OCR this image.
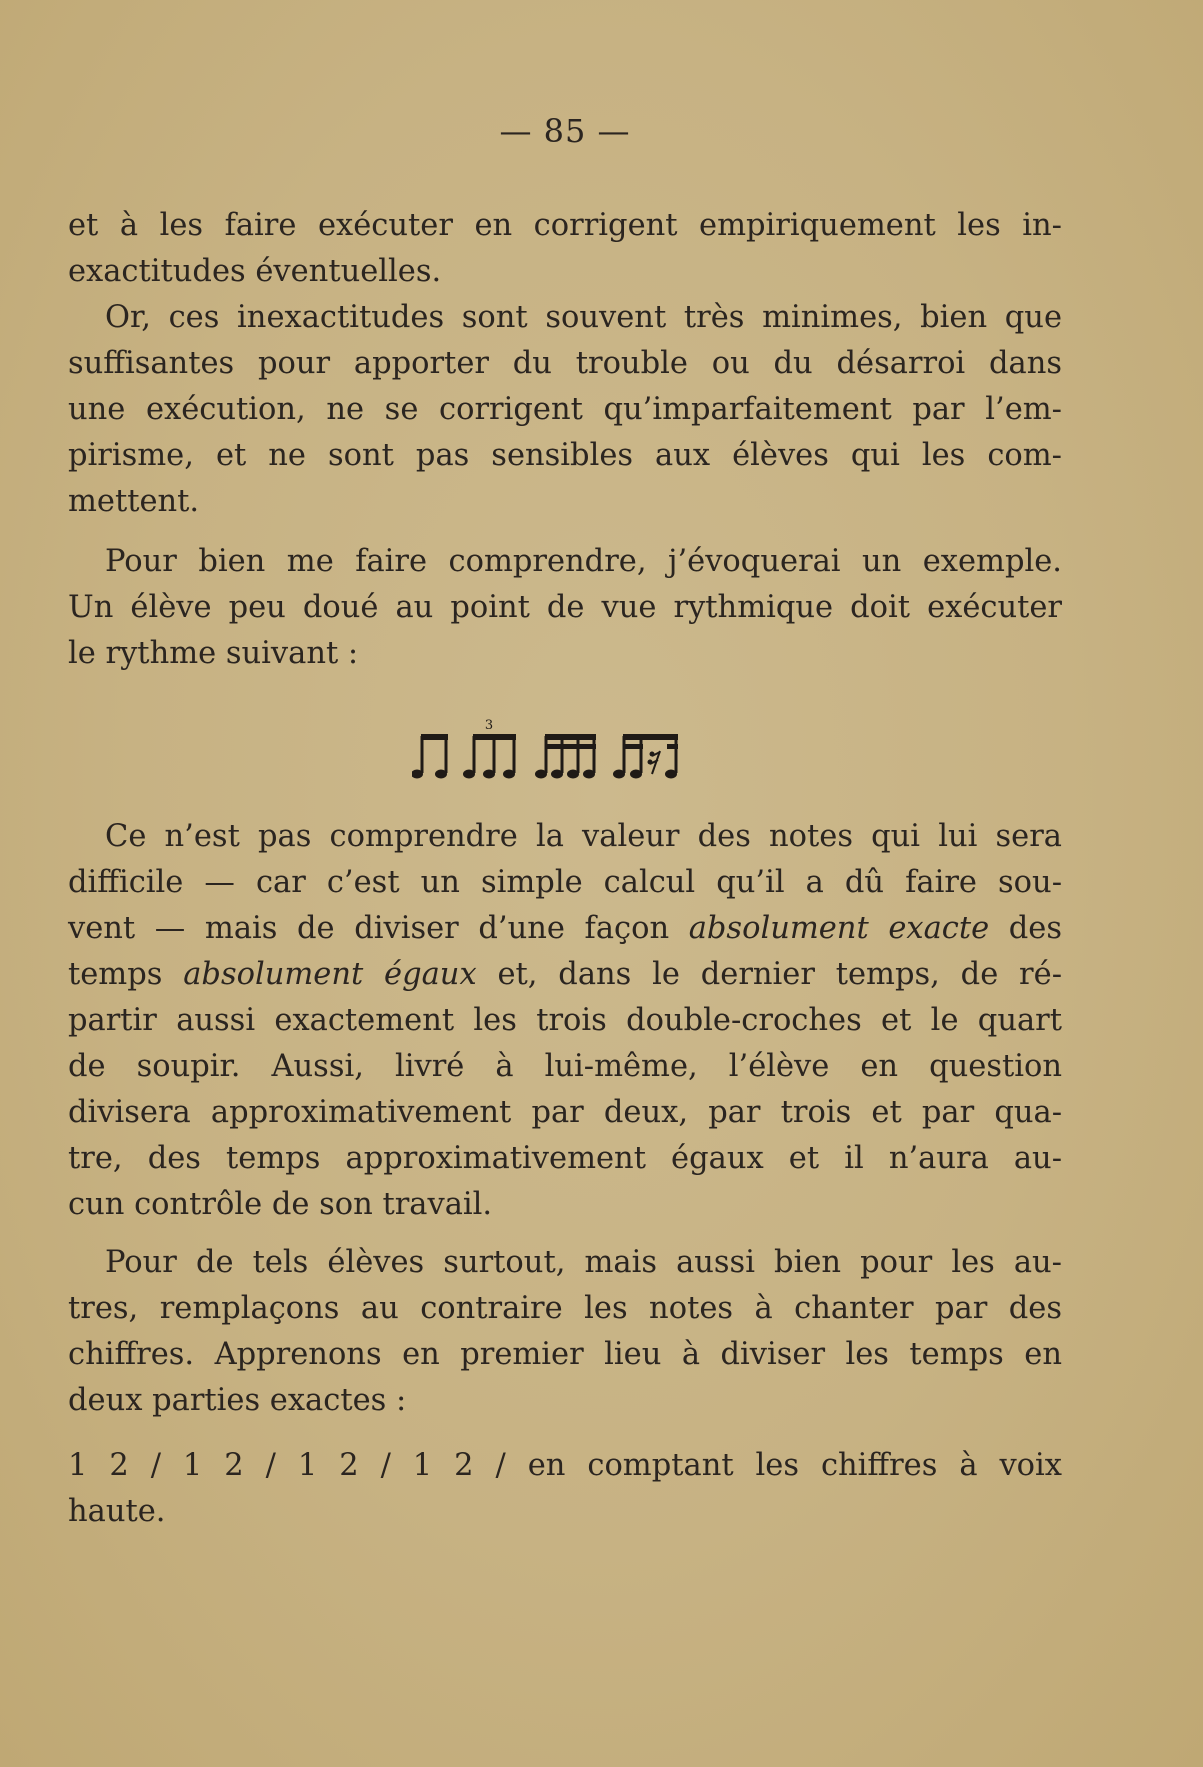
— 85 —
et à les faire exécuter en corrigent empiriquement les in-
exactitudes éventuelles.
Or, ces inexactitudes sont souvent très minimes, bien que
suffisantes pour apporter du trouble ou du désarroi dans
une exécution, ne se corrigent qu’imparfaitement par l’em-
pirisme, et ne sont pas sensibles aux élèves qui les com-
mettent.
Pour bien me faire comprendre, j’évoquerai un exemple.
Un élève peu doué au point de vue rythmique doit exécuter
le rythme suivant :
3
Ce n’est pas comprendre la valeur des notes qui lui sera
difficile — car c’est un simple calcul qu’il a dû faire sou-
vent — mais de diviser d’une façon absolument exacte des
temps absolument égaux et, dans le dernier temps, de ré-
partir aussi exactement les trois double-croches et le quart
de soupir. Aussi, livré à lui-même, l’élève en question
divisera approximativement par deux, par trois et par qua-
tre, des temps approximativement égaux et il n’aura au-
cun contrôle de son travail.
Pour de tels élèves surtout, mais aussi bien pour les au-
tres, remplaçons au contraire les notes à chanter par des
chiffres. Apprenons en premier lieu à diviser les temps en
deux parties exactes :
1 2 / 1 2 / 1 2 / 1 2 / en comptant les chiffres à voix
haute.
